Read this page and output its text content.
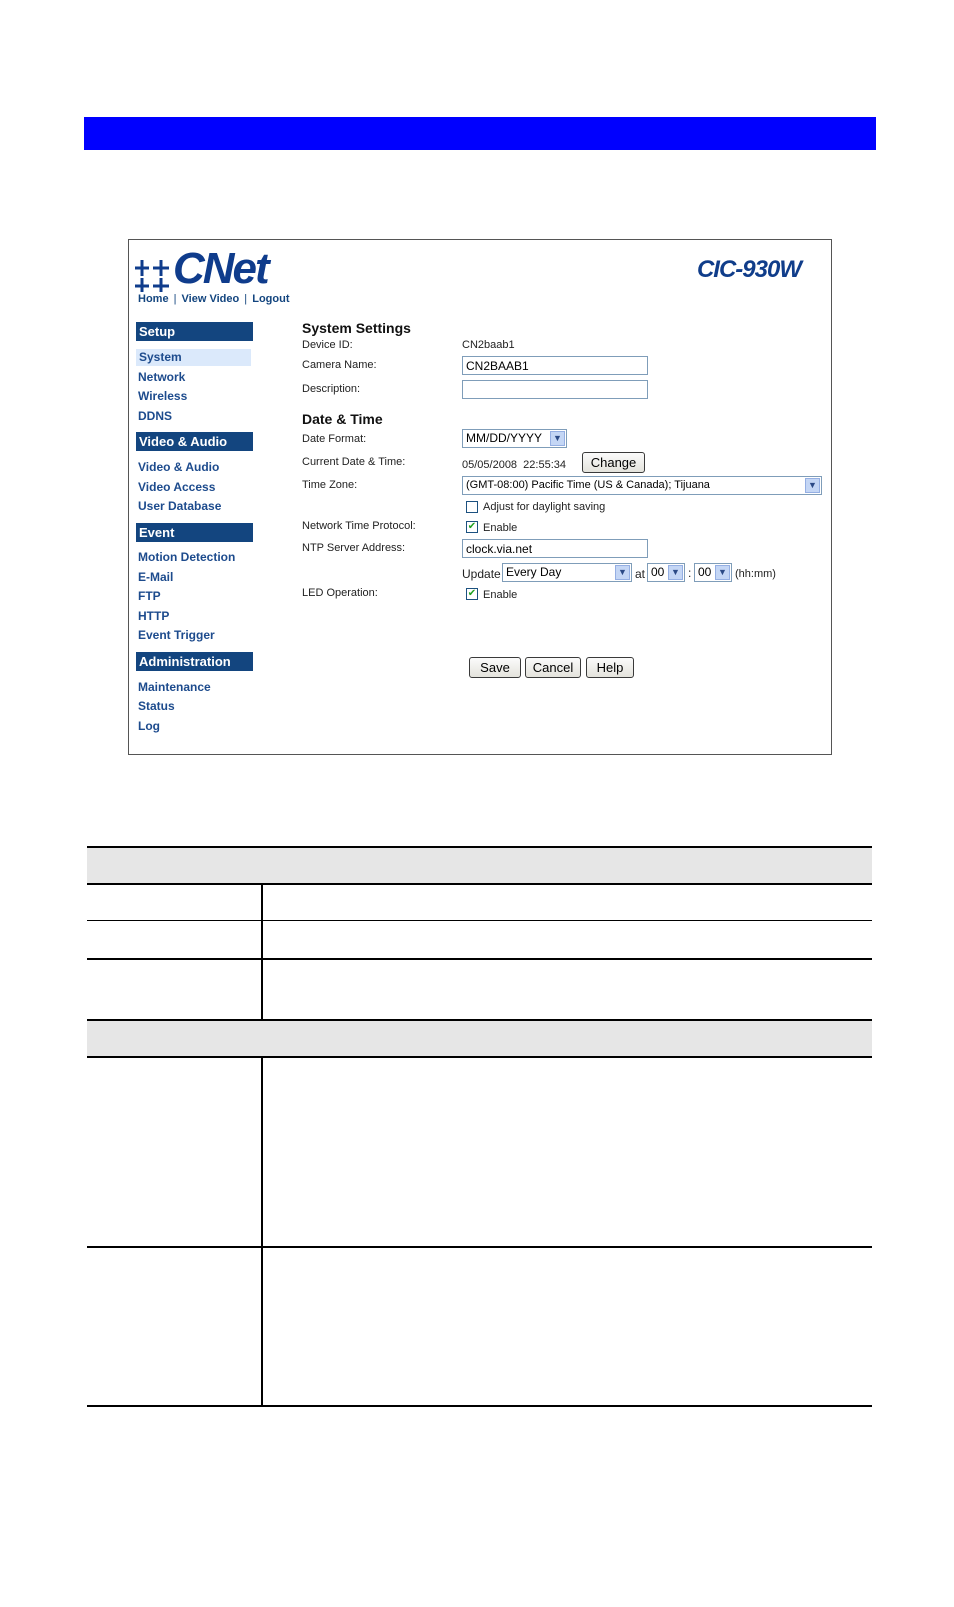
CNet
Home | View Video | Logout
CIC-930W
Setup
System
Network
Wireless
DDNS
Video & Audio
Video & Audio
Video Access
User Database
Event
Motion Detection
E-Mail
FTP
HTTP
Event Trigger
Administration
Maintenance
Status
Log
System Settings
Device ID:	CN2baab1
Camera Name:	CN2BAAB1
Description:
Date & Time
Date Format:	MM/DD/YYYY	▼
Current Date & Time:	05/05/2008  22:55:34	Change
Time Zone:	(GMT-08:00) Pacific Time (US & Canada); Tijuana	▼
Adjust for daylight saving
Network Time Protocol:	✔ Enable
NTP Server Address:	clock.via.net
Update Every Day	▼ at 00 ▼ : 00 ▼ (hh:mm)
LED Operation:	✔ Enable
Save	Cancel	Help
